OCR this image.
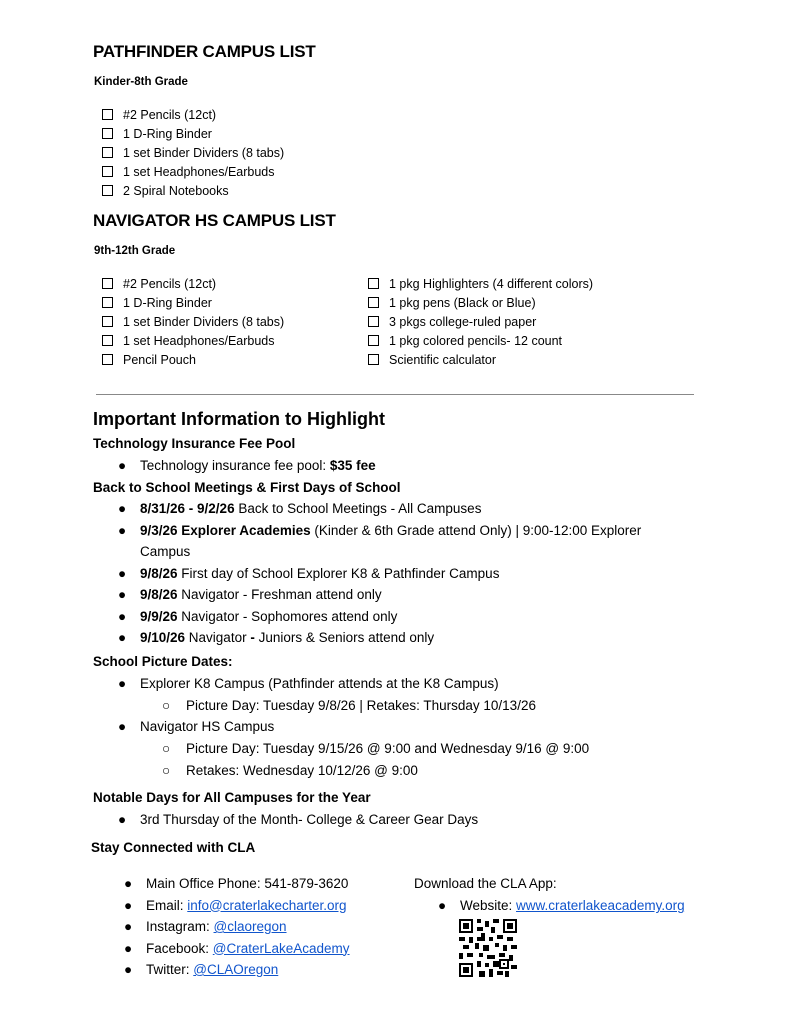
PATHFINDER CAMPUS LIST
Kinder-8th Grade
#2 Pencils (12ct)
1 D-Ring Binder
1 set Binder Dividers (8 tabs)
1 set Headphones/Earbuds
2 Spiral Notebooks
NAVIGATOR HS CAMPUS LIST
9th-12th Grade
#2 Pencils (12ct)
1 D-Ring Binder
1 set Binder Dividers (8 tabs)
1 set Headphones/Earbuds
Pencil Pouch
1 pkg Highlighters (4 different colors)
1 pkg pens (Black or Blue)
3 pkgs college-ruled paper
1 pkg colored pencils- 12 count
Scientific calculator
Important Information to Highlight
Technology Insurance Fee Pool
● Technology insurance fee pool: $35 fee
Back to School Meetings & First Days of School
● 8/31/26 - 9/2/26 Back to School Meetings - All Campuses
● 9/3/26 Explorer Academies (Kinder & 6th Grade attend Only) | 9:00-12:00 Explorer
Campus
● 9/8/26 First day of School Explorer K8 & Pathfinder Campus
● 9/8/26 Navigator - Freshman attend only
● 9/9/26 Navigator - Sophomores attend only
● 9/10/26 Navigator - Juniors & Seniors attend only
School Picture Dates:
● Explorer K8 Campus (Pathfinder attends at the K8 Campus)
○ Picture Day: Tuesday 9/8/26 | Retakes: Thursday 10/13/26
● Navigator HS Campus
○ Picture Day: Tuesday 9/15/26 @ 9:00 and Wednesday 9/16 @ 9:00
○ Retakes: Wednesday 10/12/26 @ 9:00
Notable Days for All Campuses for the Year
● 3rd Thursday of the Month- College & Career Gear Days
Stay Connected with CLA
● Main Office Phone: 541-879-3620
● Email: info@craterlakecharter.org
● Instagram: @claoregon
● Facebook: @CraterLakeAcademy
● Twitter: @CLAOregon
Download the CLA App:
● Website: www.craterlakeacademy.org
